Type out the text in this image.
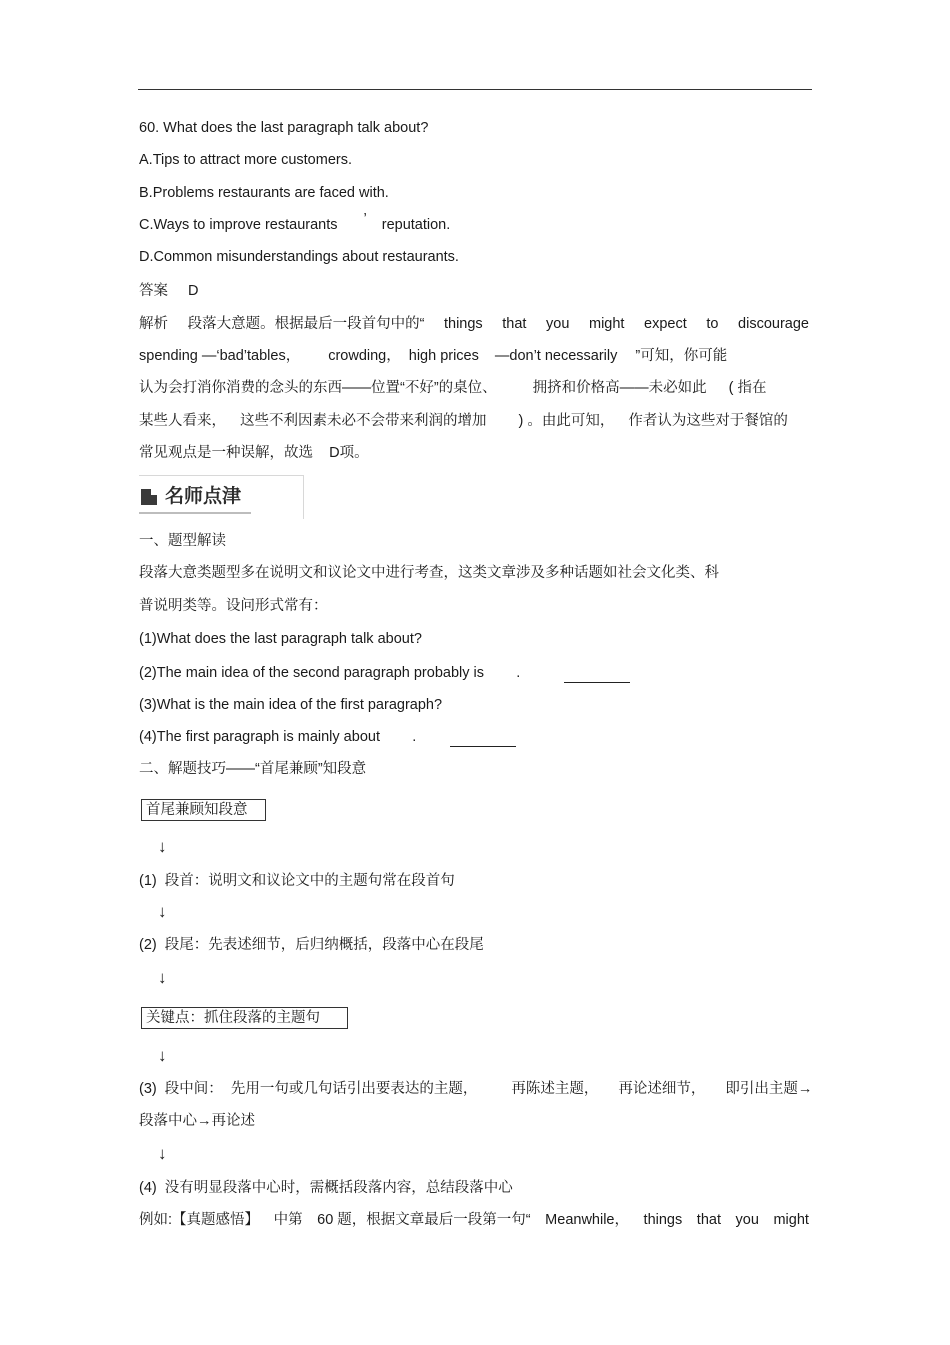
60. What does the last paragraph talk about?
A.Tips to attract more customers.
B.Problems restaurants are faced with.
C.Ways to improve restaurants ’ reputation.
D.Common misunderstandings about restaurants.
答案 D
解析 段落大意题。根据最后一段首句中的“ things that you might expect to discourage
spending —‘bad’tables， crowding， high prices —don’t necessarily ”可知，你可能
认为会打消你消费的念头的东西——位置“不好”的桌位、 拥挤和价格高——未必如此 ( 指在
某些人看来， 这些不利因素未必不会带来利润的增加 ) 。由此可知， 作者认为这些对于餐馆的
常见观点是一种误解，故选    D项。
名师点津
一、题型解读
段落大意类题型多在说明文和议论文中进行考查，这类文章涉及多种话题如社会文化类、科
普说明类等。设问形式常有：
(1)What does the last paragraph talk about?
(2)The main idea of the second paragraph probably is        .
(3)What is the main idea of the first paragraph?
(4)The first paragraph is mainly about        .
二、解题技巧——“首尾兼顾”知段意
首尾兼顾知段意
↓
(1)  段首：说明文和议论文中的主题句常在段首句
↓
(2)  段尾：先表述细节，后归纳概括，段落中心在段尾
↓
关键点：抓住段落的主题句
↓
(3)  段中间：  先用一句或几句话引出要表达的主题， 再陈述主题， 再论述细节， 即引出主题→
段落中心→再论述
↓
(4)  没有明显段落中心时，需概括段落内容，总结段落中心
例如:【真题感悟】 中第 60 题，根据文章最后一段第一句“ Meanwhile， things that you might
